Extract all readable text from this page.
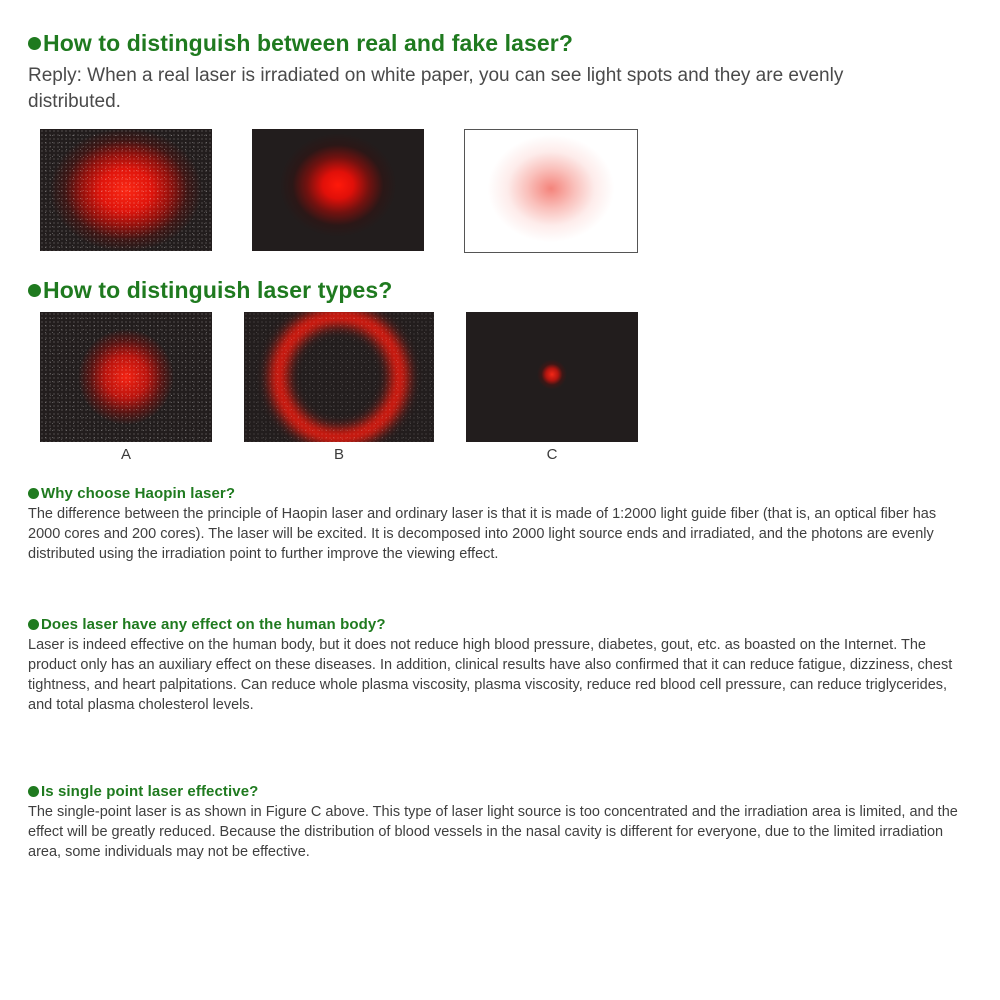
How to distinguish between real and fake laser?

Reply: When a real laser is irradiated on white paper, you can see light spots and they are evenly distributed.

How to distinguish laser types?
A	B	C
Why choose Haopin laser?

The difference between the principle of Haopin laser and ordinary laser is that it is made of 1:2000 light guide fiber (that is, an optical fiber has 2000 cores and 200 cores). The laser will be excited. It is decomposed into 2000 light source ends and irradiated, and the photons are evenly distributed using the irradiation point to further improve the viewing effect.

Does laser have any effect on the human body?

Laser is indeed effective on the human body, but it does not reduce high blood pressure, diabetes, gout, etc. as boasted on the Internet. The product only has an auxiliary effect on these diseases. In addition, clinical results have also confirmed that it can reduce fatigue, dizziness, chest tightness, and heart palpitations. Can reduce whole plasma viscosity, plasma viscosity, reduce red blood cell pressure, can reduce triglycerides, and total plasma cholesterol levels.

Is single point laser effective?

The single-point laser is as shown in Figure C above. This type of laser light source is too concentrated and the irradiation area is limited, and the effect will be greatly reduced. Because the distribution of blood vessels in the nasal cavity is different for everyone, due to the limited irradiation area, some individuals may not be effective.
